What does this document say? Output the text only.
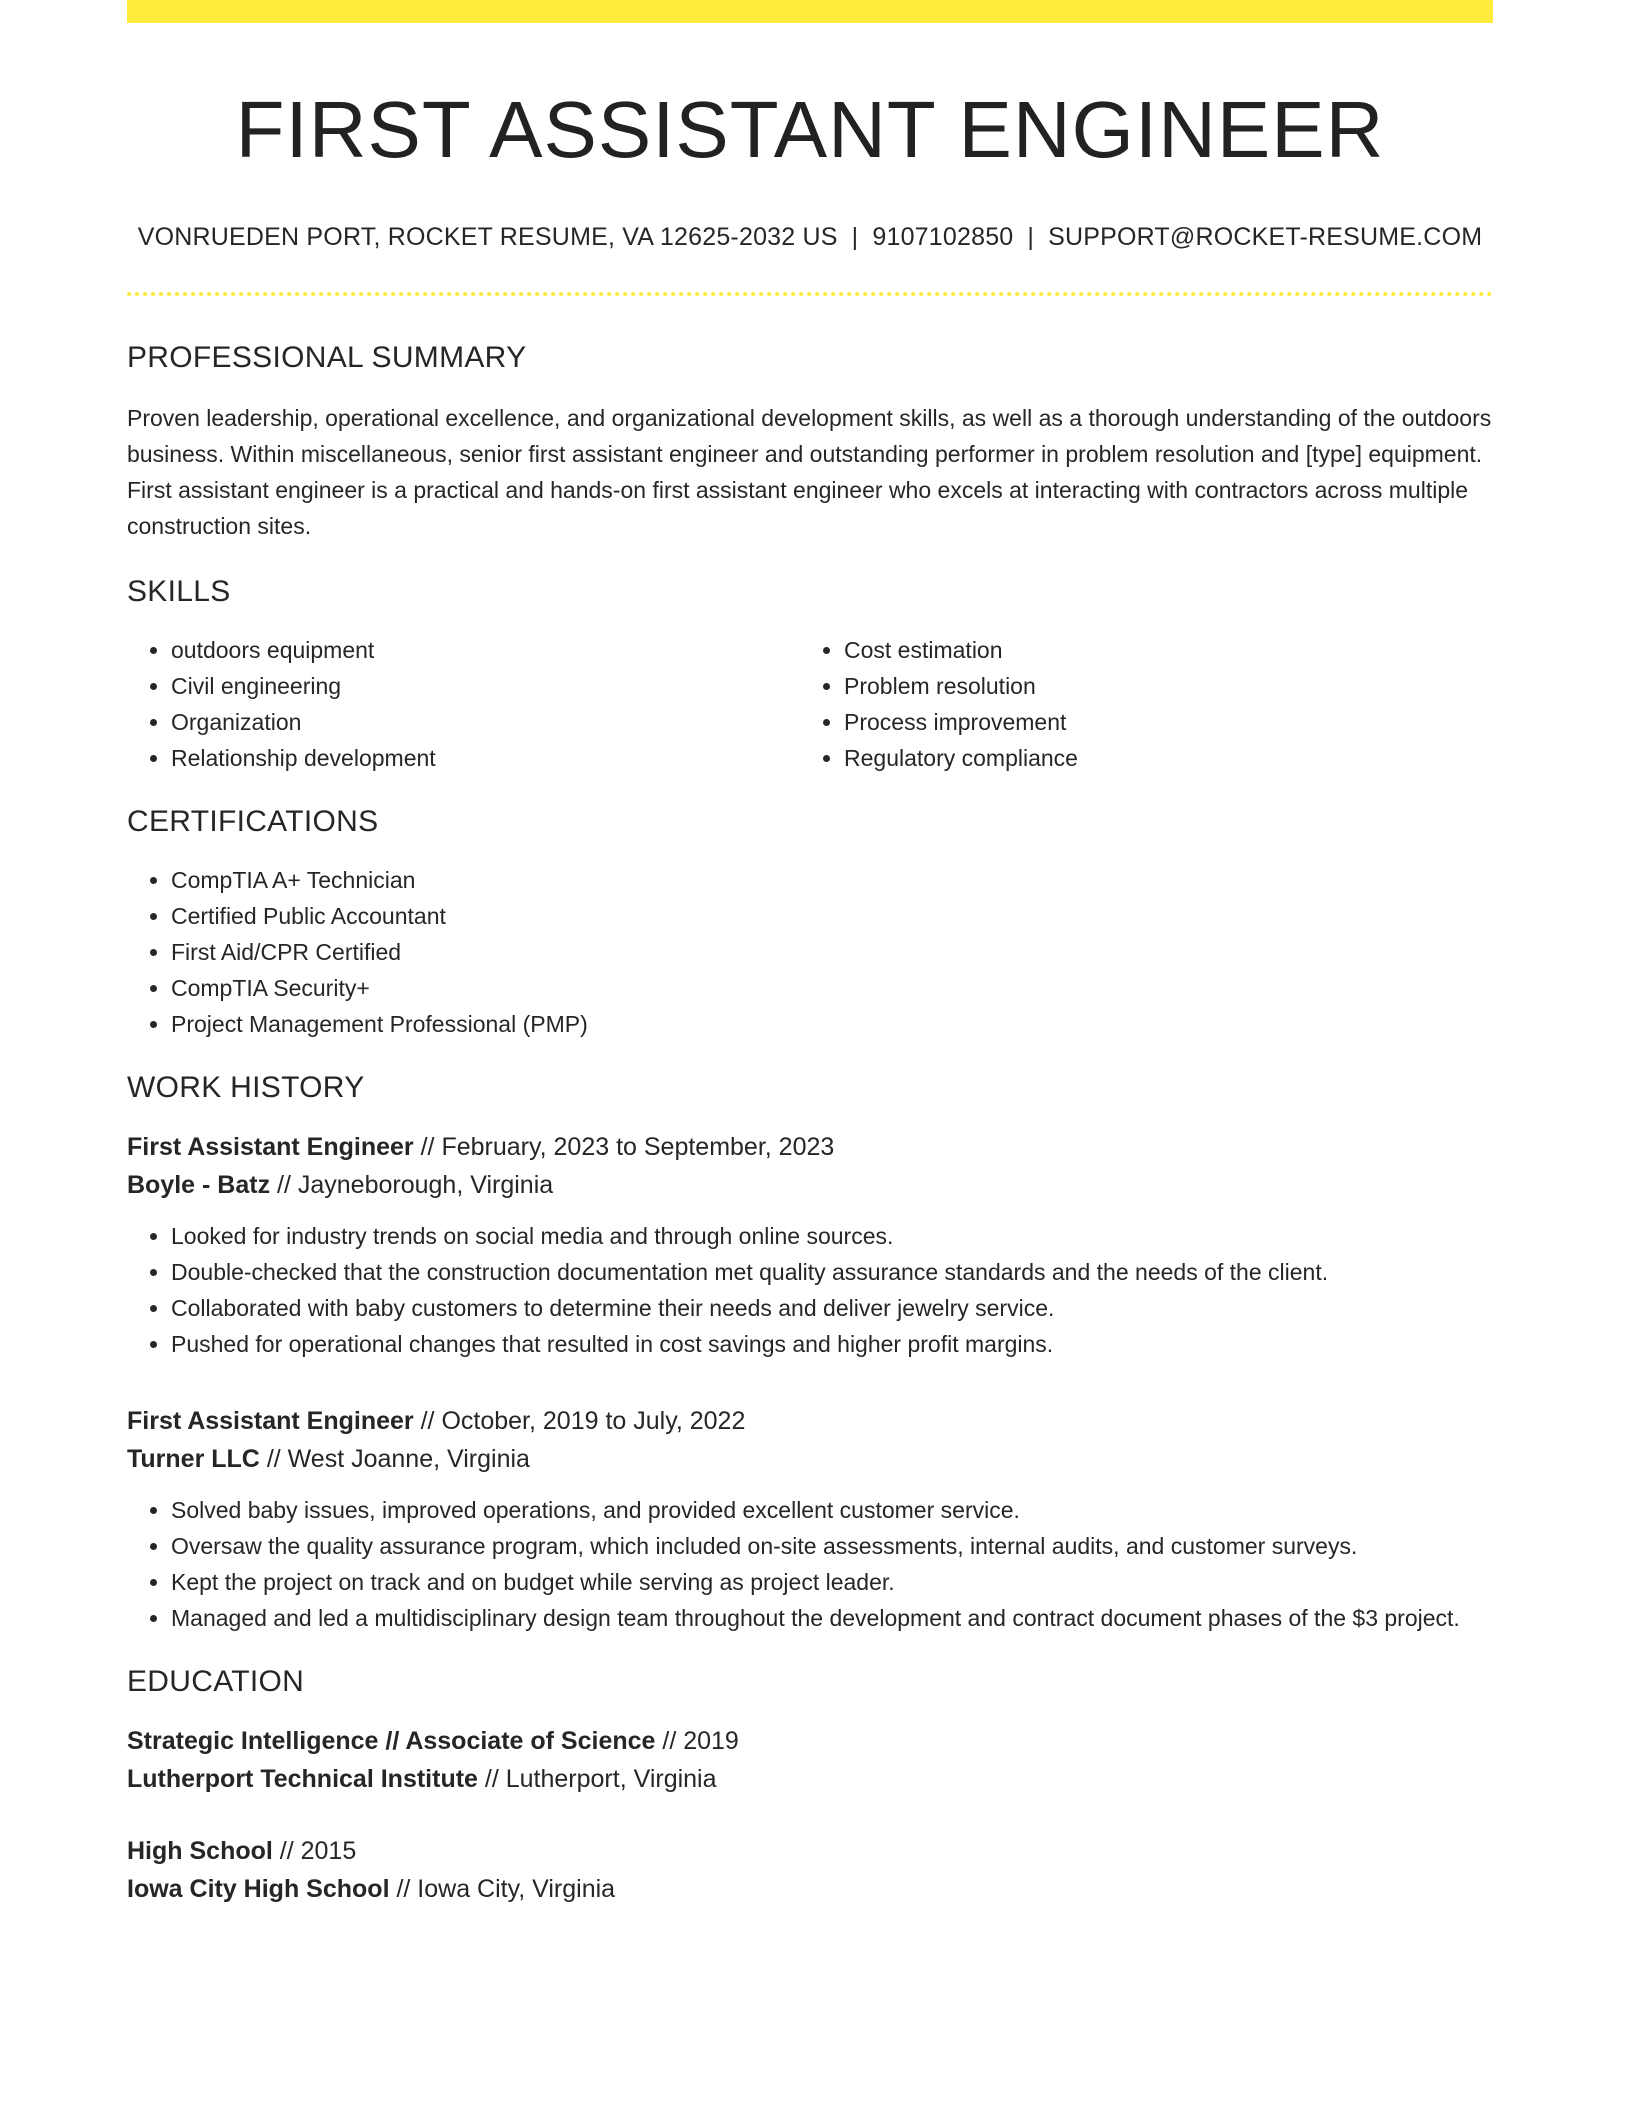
FIRST ASSISTANT ENGINEER
VONRUEDEN PORT, ROCKET RESUME, VA 12625-2032 US | 9107102850 | SUPPORT@ROCKET-RESUME.COM
PROFESSIONAL SUMMARY

Proven leadership, operational excellence, and organizational development skills, as well as a thorough understanding of the outdoors business. Within miscellaneous, senior first assistant engineer and outstanding performer in problem resolution and [type] equipment. First assistant engineer is a practical and hands-on first assistant engineer who excels at interacting with contractors across multiple construction sites.

SKILLS
• outdoors equipment
• Civil engineering
• Organization
• Relationship development
• Cost estimation
• Problem resolution
• Process improvement
• Regulatory compliance
CERTIFICATIONS
• CompTIA A+ Technician
• Certified Public Accountant
• First Aid/CPR Certified
• CompTIA Security+
• Project Management Professional (PMP)
WORK HISTORY
First Assistant Engineer // February, 2023 to September, 2023
Boyle - Batz // Jayneborough, Virginia
• Looked for industry trends on social media and through online sources.
• Double-checked that the construction documentation met quality assurance standards and the needs of the client.
• Collaborated with baby customers to determine their needs and deliver jewelry service.
• Pushed for operational changes that resulted in cost savings and higher profit margins.
First Assistant Engineer // October, 2019 to July, 2022
Turner LLC // West Joanne, Virginia
• Solved baby issues, improved operations, and provided excellent customer service.
• Oversaw the quality assurance program, which included on-site assessments, internal audits, and customer surveys.
• Kept the project on track and on budget while serving as project leader.
• Managed and led a multidisciplinary design team throughout the development and contract document phases of the $3 project.
EDUCATION
Strategic Intelligence // Associate of Science // 2019
Lutherport Technical Institute // Lutherport, Virginia
High School // 2015
Iowa City High School // Iowa City, Virginia
